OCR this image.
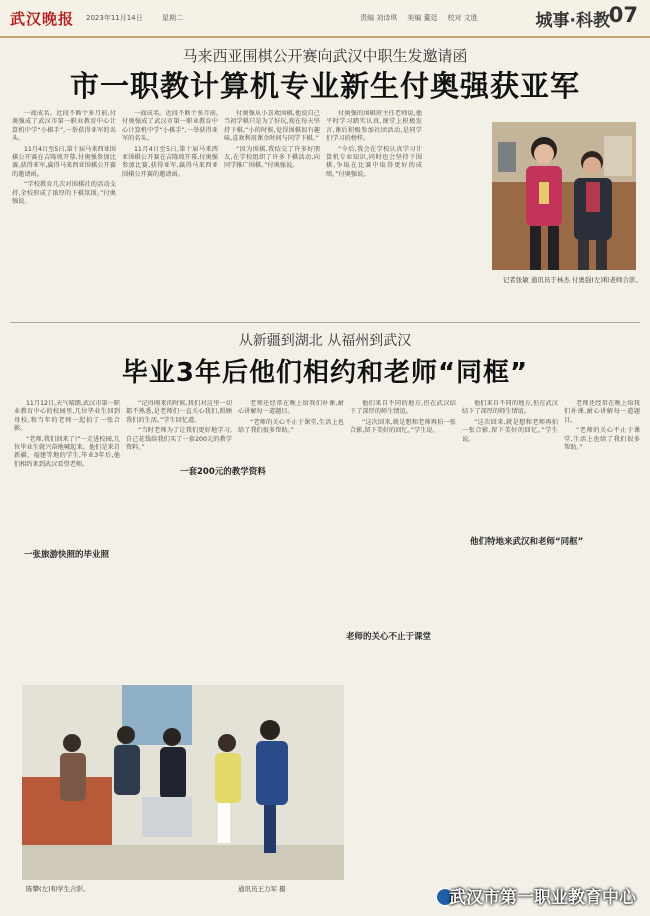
武汉晚报 2023年11月14日	星期二	责编 刘诗琪 美编 董廷 校对 文胜	城事·科教
07
马来西亚围棋公开赛向武汉中职生发邀请函
市一职教计算机专业新生付奥强获亚军

一战成名。近段不断个多月前,付奥强成了武汉市第一职业教育中心计算机中学“小棋手”,一举获得亚军的名头。

11月4日至5日,第十届马来西亚围棋公开赛在吉隆坡开幕,付奥强参加比赛,获得亚军,赢得马来西亚围棋公开赛的邀请函。

“学校教育几次对围棋社的活动支持,全校形成了浓厚的下棋氛围。”付奥强说。

一战成名。近段不断个多月前,付奥强成了武汉市第一职业教育中心计算机中学“小棋手”,一举获得亚军的名头。

11月4日至5日,第十届马来西亚围棋公开赛在吉隆坡开幕,付奥强参加比赛,获得亚军,赢得马来西亚围棋公开赛的邀请函。

付奥强从小喜欢围棋,他说自己当初学棋只是为了好玩,现在每天坚持下棋,“小的时候,觉得围棋很有趣味,喜欢利用课余时间与同学下棋。”

“因为围棋,我结交了许多好朋友,在学校组织了许多下棋活动,向同学推广围棋。”付奥强说。

付奥强的围棋班主任老师说,他平时学习踏实认真,课堂上积极发言,课后积极参加社团活动,是同学们学习的榜样。

“今后,我会在学校认真学习计算机专业知识,同时也会坚持下围棋,争取在比赛中取得更好的成绩。”付奥强说。

记者张敏 通讯员于林杰 付奥强(左)和老师合影。
从新疆到湖北 从福州到武汉
毕业3年后他们相约和老师“同框”

11月12日,天气晴朗,武汉市第一职业教育中心的校园里,几位毕业生回到母校,和当年的老师一起拍了一张合影。

“老师,我们回来了!”一走进校园,几位毕业生就兴奋地喊起来。他们是来自新疆、福建等地的学生,毕业3年后,他们相约来到武汉看望老师。

一张旅游快照的毕业照

“记得刚来的时候,我们对这里一切都不熟悉,是老师们一直关心我们,照顾我们的生活。”学生回忆道。

“当时老师为了让我们更好地学习,自己花钱给我们买了一套200元的教学资料。”

一套200元的教学资料

老师还经常在晚上给我们补课,耐心讲解每一道题目。

“老师的关心不止于课堂,生活上也给了我们很多帮助。”

老师的关心不止于课堂

他们来自不同的地方,但在武汉结下了深厚的师生情谊。

“这次回来,就是想和老师再拍一张合影,留下美好的回忆。”学生说。

他们来自不同的地方,但在武汉结下了深厚的师生情谊。

“这次回来,就是想和老师再拍一张合影,留下美好的回忆。”学生说。

他们特地来武汉和老师“同框”

老师还经常在晚上给我们补课,耐心讲解每一道题目。

“老师的关心不止于课堂,生活上也给了我们很多帮助。”

陈攀(左)和学生合影。	通讯员王力军 摄	武汉市第一职业教育中心
